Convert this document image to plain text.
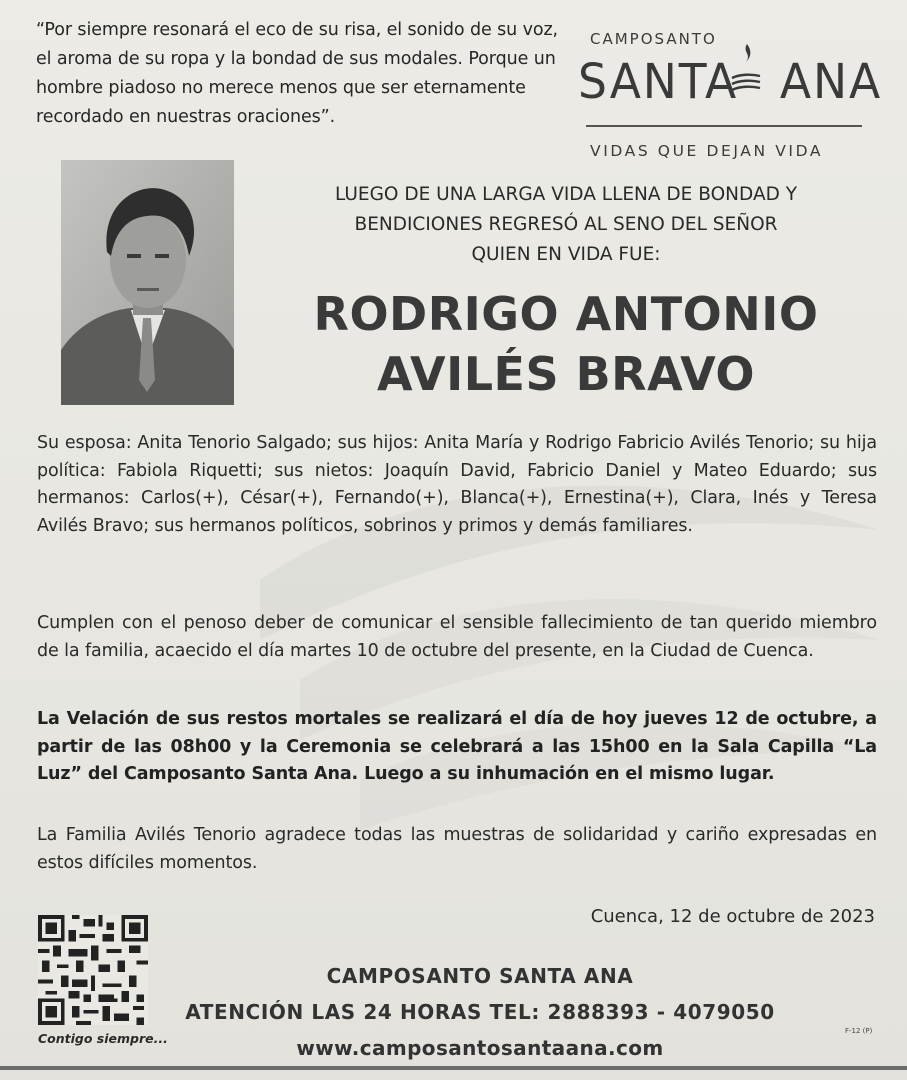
“Por siempre resonará el eco de su risa, el sonido de su voz, el aroma de su ropa y la bondad de sus modales. Porque un hombre piadoso no merece menos que ser eternamente recordado en nuestras oraciones”.
CAMPOSANTO
SANTA ANA
VIDAS QUE DEJAN VIDA
LUEGO DE UNA LARGA VIDA LLENA DE BONDAD Y
BENDICIONES REGRESÓ AL SENO DEL SEÑOR
QUIEN EN VIDA FUE:
RODRIGO ANTONIO
AVILÉS BRAVO
Su esposa: Anita Tenorio Salgado; sus hijos: Anita María y Rodrigo Fabricio Avilés Tenorio; su hija política: Fabiola Riquetti; sus nietos: Joaquín David, Fabricio Daniel y Mateo Eduardo; sus hermanos: Carlos(+), César(+), Fernando(+), Blanca(+), Ernestina(+), Clara, Inés y Teresa Avilés Bravo; sus hermanos políticos, sobrinos y primos y demás familiares.
Cumplen con el penoso deber de comunicar el sensible fallecimiento de tan querido miembro de la familia, acaecido el día martes 10 de octubre del presente, en la Ciudad de Cuenca.
La Velación de sus restos mortales se realizará el día de hoy jueves 12 de octubre, a partir de las 08h00 y la Ceremonia se celebrará a las 15h00 en la Sala Capilla “La Luz” del Camposanto Santa Ana. Luego a su inhumación en el mismo lugar.
La Familia Avilés Tenorio agradece todas las muestras de solidaridad y cariño expresadas en estos difíciles momentos.
Cuenca, 12 de octubre de 2023
Contigo siempre...
CAMPOSANTO SANTA ANA
ATENCIÓN LAS 24 HORAS TEL: 2888393 - 4079050
www.camposantosantaana.com
F-12 (P)
